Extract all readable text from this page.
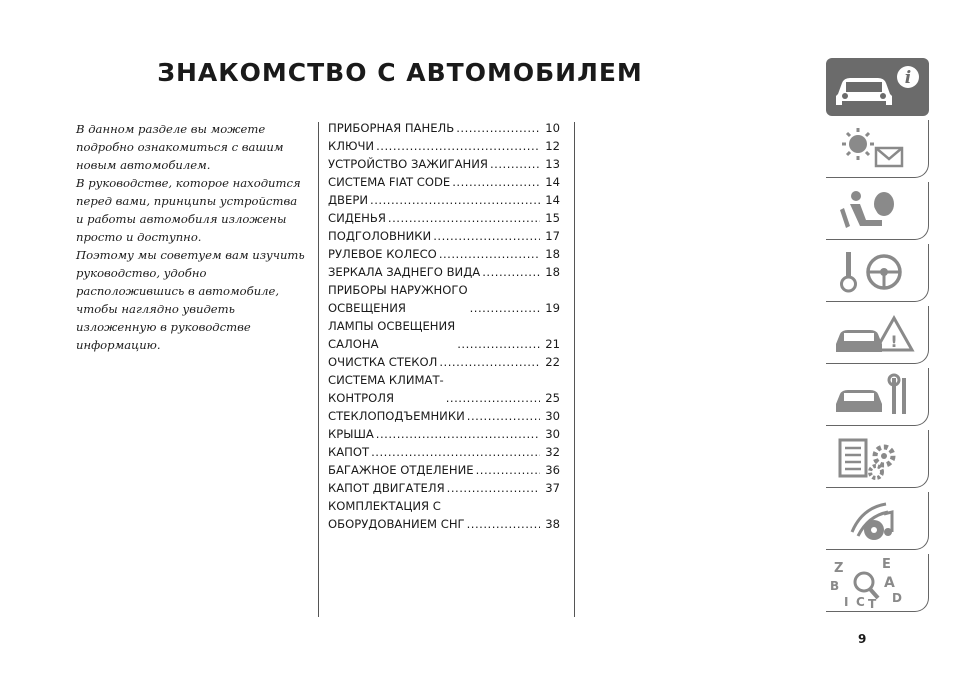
ЗНАКОМСТВО С АВТОМОБИЛЕМ

В данном разделе вы можете подробно ознакомиться с вашим новым автомобилем.

В руководстве, которое находится перед вами, принципы устройства и работы автомобиля изложены просто и доступно.

Поэтому мы советуем вам изучить руководство, удобно расположившись в автомобиле, чтобы наглядно увидеть изложенную в руководстве информацию.

ПРИБОРНАЯ ПАНЕЛЬ .....	10
КЛЮЧИ .....	12
УСТРОЙСТВО ЗАЖИГАНИЯ .....	13
СИСТЕМА FIAT CODE .....	14
ДВЕРИ .....	14
СИДЕНЬЯ .....	15
ПОДГОЛОВНИКИ .....	17
РУЛЕВОЕ КОЛЕСО .....	18
ЗЕРКАЛА ЗАДНЕГО ВИДА .....	18
ПРИБОРЫ НАРУЖНОГО
ОСВЕЩЕНИЯ .....	19
ЛАМПЫ ОСВЕЩЕНИЯ
САЛОНА .....	21
ОЧИСТКА СТЕКОЛ .....	22
СИСТЕМА КЛИМАТ-
КОНТРОЛЯ .....	25
СТЕКЛОПОДЪЕМНИКИ .....	30
КРЫША .....	30
КАПОТ .....	32
БАГАЖНОЕ ОТДЕЛЕНИЕ .....	36
КАПОТ ДВИГАТЕЛЯ .....	37
КОМПЛЕКТАЦИЯ С
ОБОРУДОВАНИЕМ СНГ .....	38
i
!
Z	E
B	A
I C T D
9
